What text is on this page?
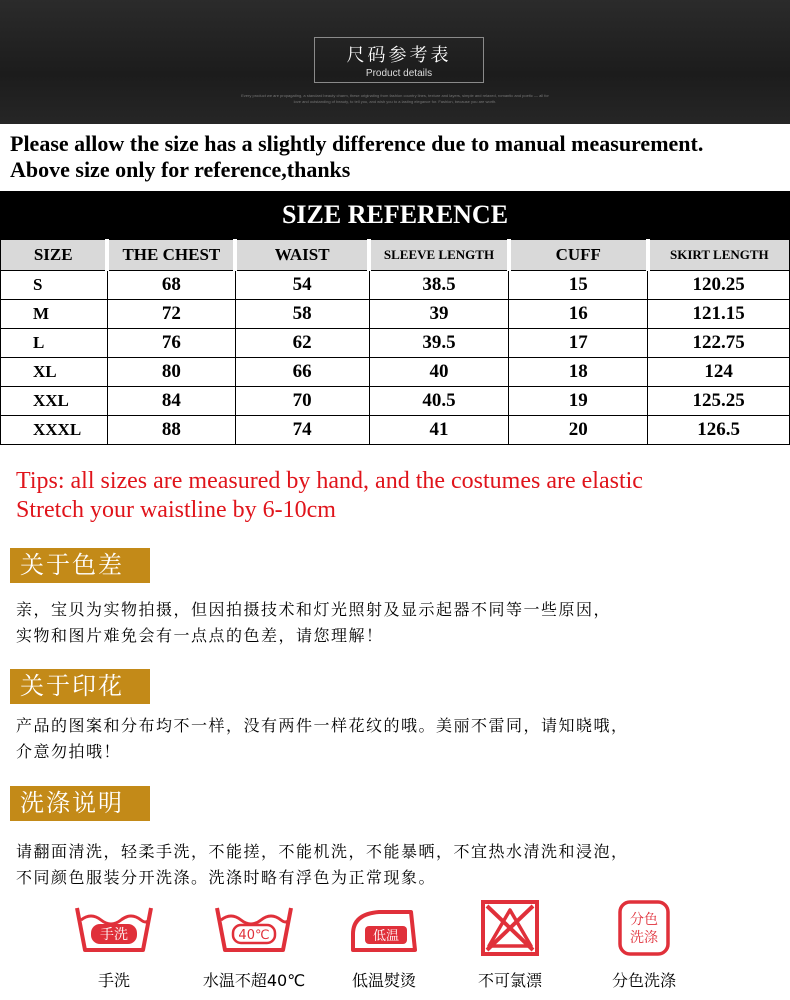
尺码参考表
Product details
Every product we are propagating, a standard beauty charm, these originating from fashion country lines, texture and layers, simple and relaxed, romantic and poetic — all for love and outstanding of beauty, to tell you, and wish you to a lasting elegance for. Fashion, because you are worth.
Please allow the size has a slightly difference due to manual measurement.
Above size only for reference,thanks
SIZE REFERENCE
SIZE	THE CHEST	WAIST	SLEEVE LENGTH	CUFF	SKIRT LENGTH
S	68	54	38.5	15	120.25
M	72	58	39	16	121.15
L	76	62	39.5	17	122.75
XL	80	66	40	18	124
XXL	84	70	40.5	19	125.25
XXXL	88	74	41	20	126.5
Tips: all sizes are measured by hand, and the costumes are elastic
Stretch your waistline by 6-10cm
关于色差
亲，宝贝为实物拍摄，但因拍摄技术和灯光照射及显示起器不同等一些原因，
实物和图片难免会有一点点的色差，请您理解！
关于印花
产品的图案和分布均不一样，没有两件一样花纹的哦。美丽不雷同，请知晓哦，
介意勿拍哦！
洗涤说明
请翻面清洗，轻柔手洗，不能搓，不能机洗，不能暴晒，不宜热水清洗和浸泡，
不同颜色服装分开洗涤。洗涤时略有浮色为正常现象。
手洗
手洗
40℃
水温不超40℃
低温
低温熨烫	不可氯漂
分色洗涤
分色洗涤
